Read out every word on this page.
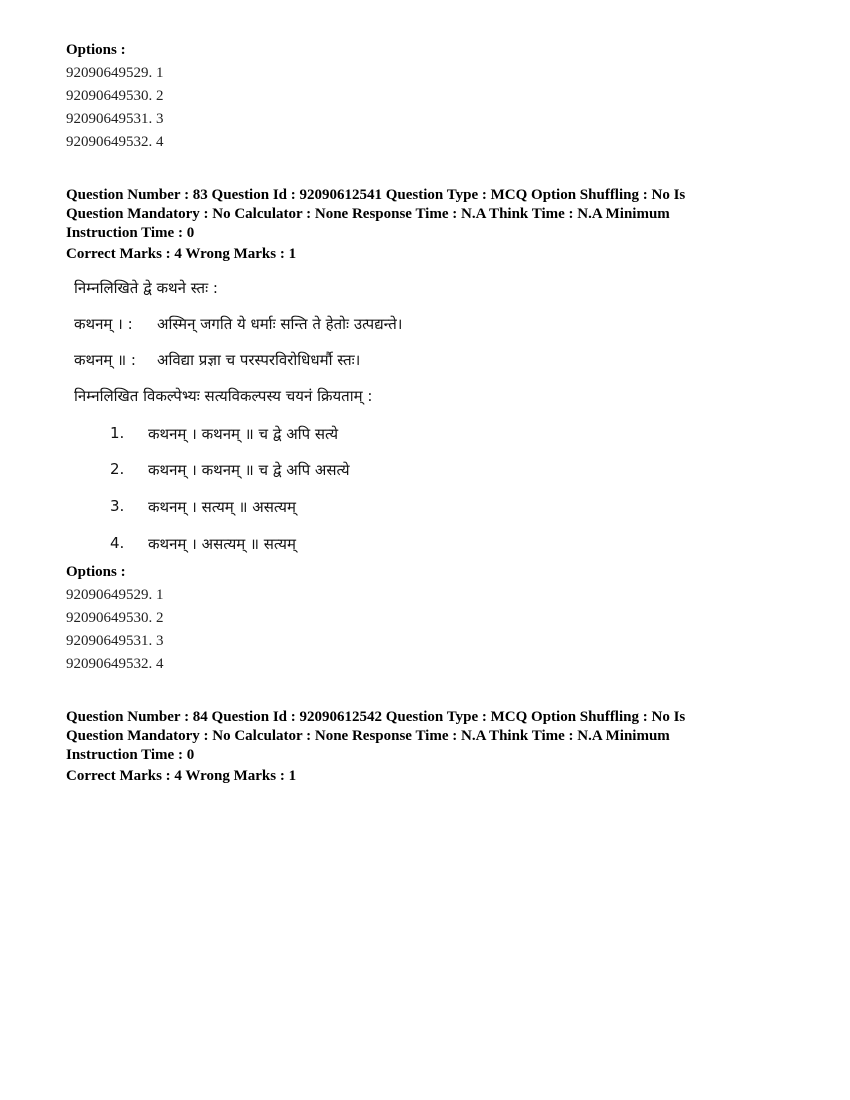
Options :
92090649529. 1
92090649530. 2
92090649531. 3
92090649532. 4
Question Number : 83 Question Id : 92090612541 Question Type : MCQ Option Shuffling : No Is
Question Mandatory : No Calculator : None Response Time : N.A Think Time : N.A Minimum
Instruction Time : 0
Correct Marks : 4 Wrong Marks : 1
निम्नलिखिते द्वे कथने स्तः :
कथनम् । : अस्मिन् जगति ये धर्माः सन्ति ते हेतोः उत्पद्यन्ते।
कथनम् ॥ : अविद्या प्रज्ञा च परस्परविरोधिधर्मौ स्तः।
निम्नलिखित विकल्पेभ्यः सत्यविकल्पस्य चयनं क्रियताम् :
1. कथनम् । कथनम् ॥ च द्वे अपि सत्ये
2. कथनम् । कथनम् ॥ च द्वे अपि असत्ये
3. कथनम् । सत्यम् ॥ असत्यम्
4. कथनम् । असत्यम् ॥ सत्यम्
Options :
92090649529. 1
92090649530. 2
92090649531. 3
92090649532. 4
Question Number : 84 Question Id : 92090612542 Question Type : MCQ Option Shuffling : No Is
Question Mandatory : No Calculator : None Response Time : N.A Think Time : N.A Minimum
Instruction Time : 0
Correct Marks : 4 Wrong Marks : 1
